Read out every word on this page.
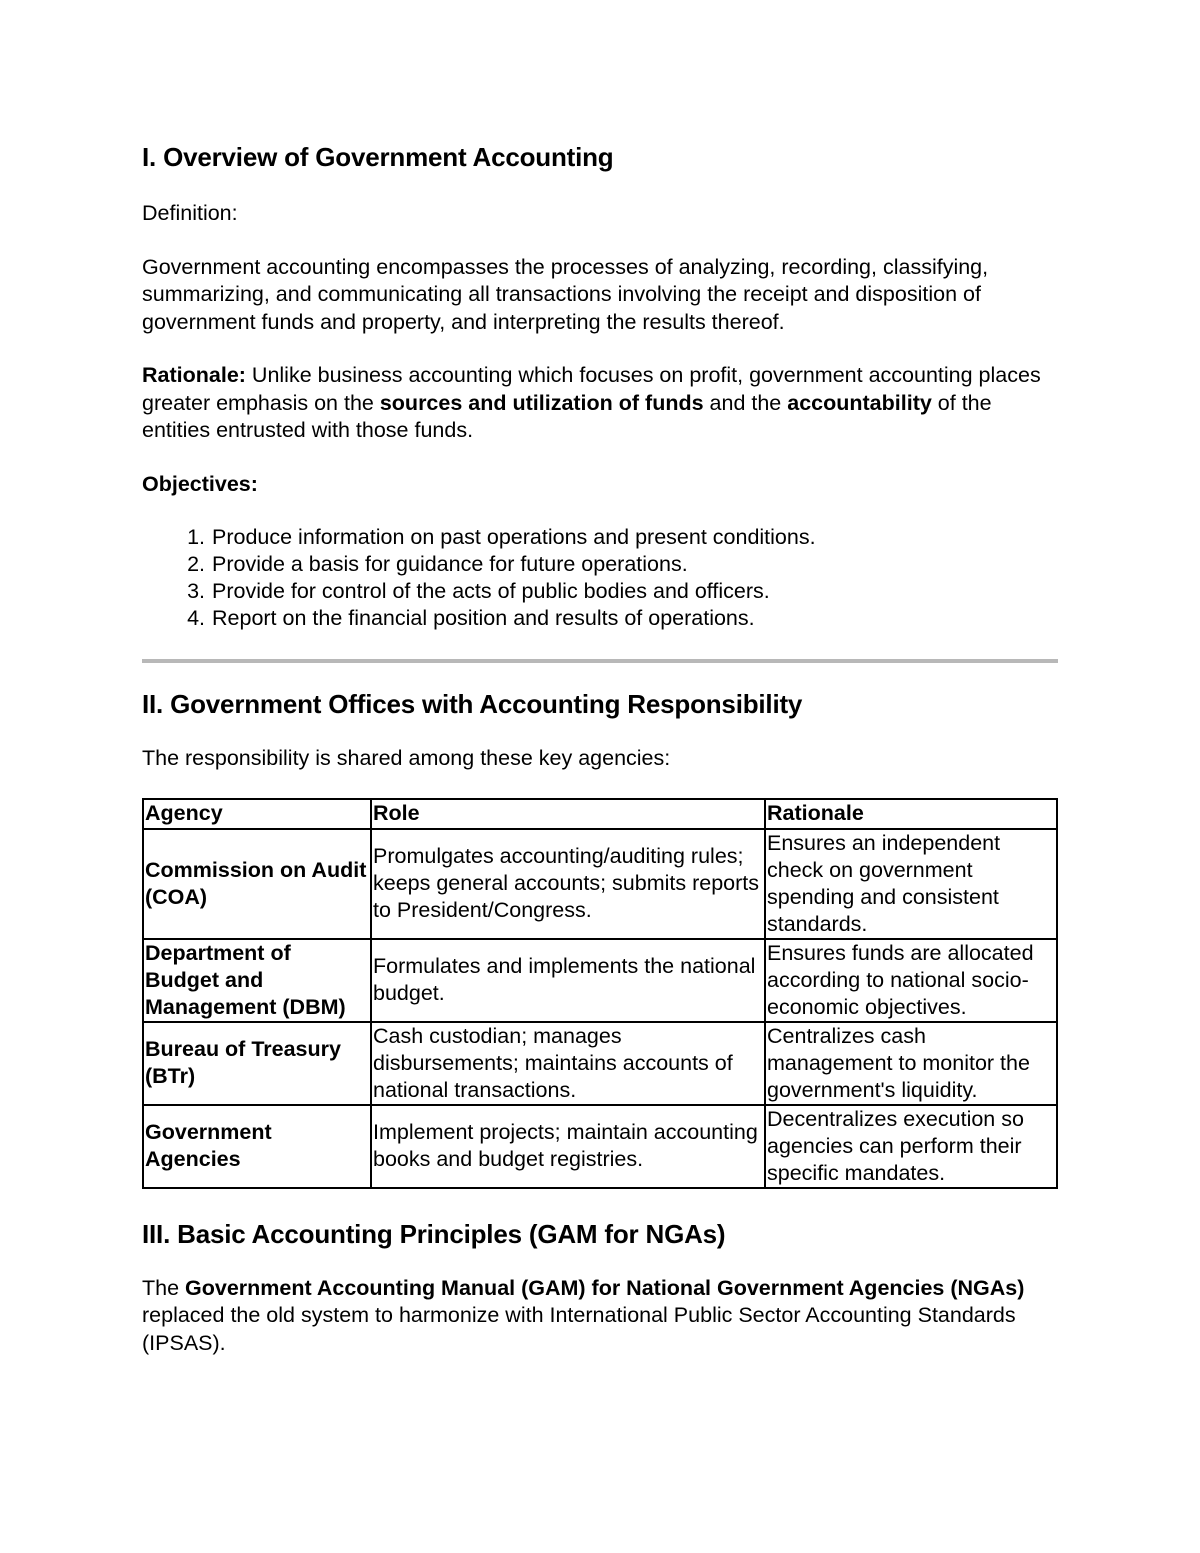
I. Overview of Government Accounting

Definition:

Government accounting encompasses the processes of analyzing, recording, classifying, summarizing, and communicating all transactions involving the receipt and disposition of government funds and property, and interpreting the results thereof.

Rationale: Unlike business accounting which focuses on profit, government accounting places greater emphasis on the sources and utilization of funds and the accountability of the entities entrusted with those funds.

Objectives:

1. Produce information on past operations and present conditions.
2. Provide a basis for guidance for future operations.
3. Provide for control of the acts of public bodies and officers.
4. Report on the financial position and results of operations.
II. Government Offices with Accounting Responsibility

The responsibility is shared among these key agencies:

Agency	Role	Rationale
Commission on Audit (COA)	Promulgates accounting/auditing rules; keeps general accounts; submits reports to President/Congress.	Ensures an independent check on government spending and consistent standards.
Department of Budget and Management (DBM)	Formulates and implements the national budget.	Ensures funds are allocated according to national socio-economic objectives.
Bureau of Treasury (BTr)	Cash custodian; manages disbursements; maintains accounts of national transactions.	Centralizes cash management to monitor the government's liquidity.
Government Agencies	Implement projects; maintain accounting books and budget registries.	Decentralizes execution so agencies can perform their specific mandates.
III. Basic Accounting Principles (GAM for NGAs)

The Government Accounting Manual (GAM) for National Government Agencies (NGAs) replaced the old system to harmonize with International Public Sector Accounting Standards (IPSAS).
